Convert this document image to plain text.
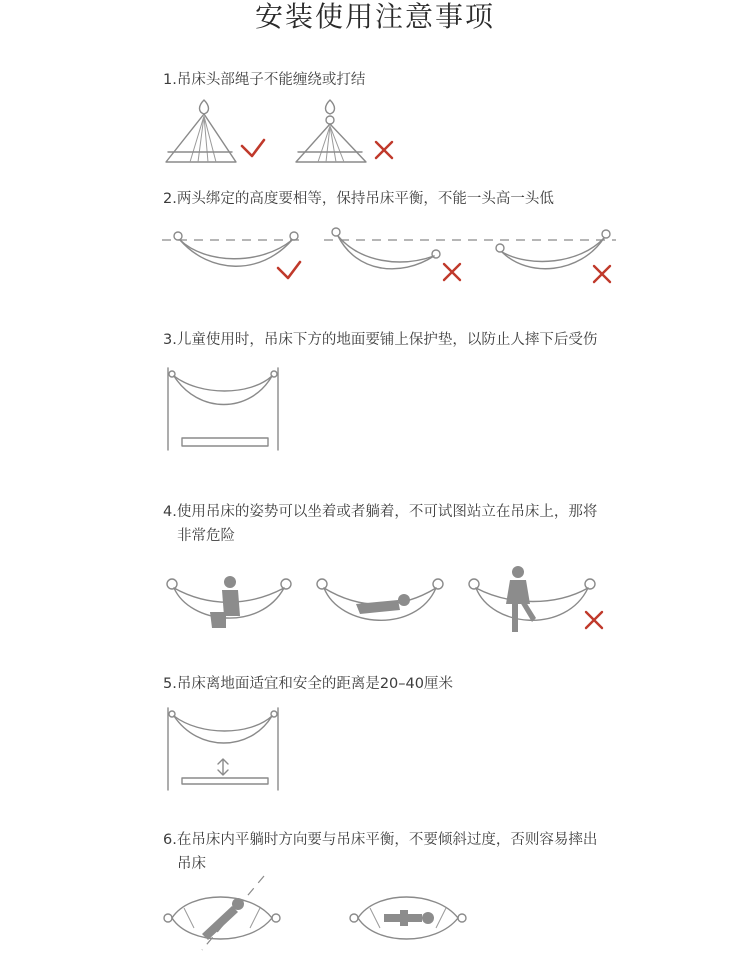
安装使用注意事项
1.吊床头部绳子不能缠绕或打结
2.两头绑定的高度要相等，保持吊床平衡，不能一头高一头低
3.儿童使用时，吊床下方的地面要铺上保护垫，以防止人摔下后受伤
4.使用吊床的姿势可以坐着或者躺着，不可试图站立在吊床上，那将
非常危险
5.吊床离地面适宜和安全的距离是20–40厘米
6.在吊床内平躺时方向要与吊床平衡，不要倾斜过度，否则容易摔出
吊床
